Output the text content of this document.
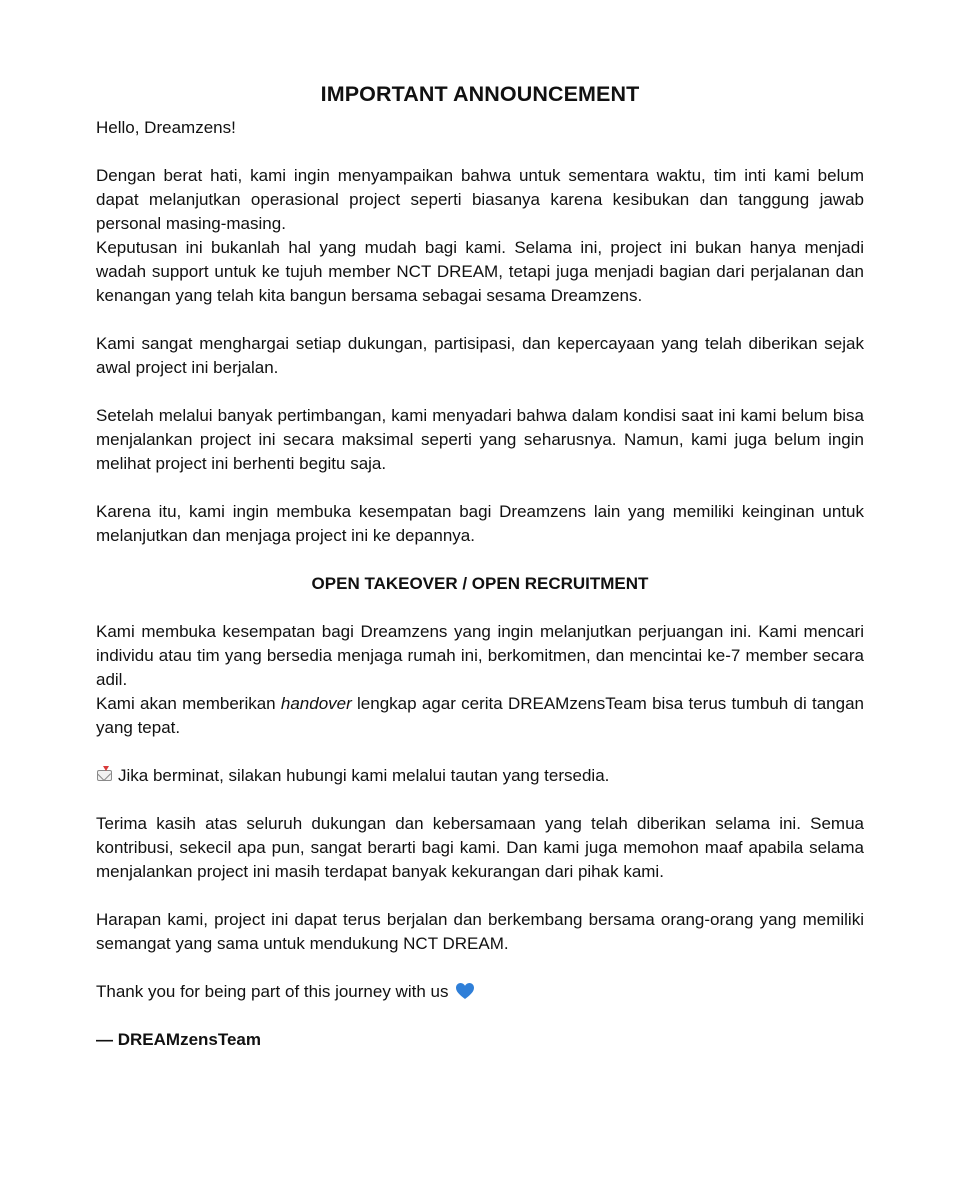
IMPORTANT ANNOUNCEMENT

Hello, Dreamzens!

Dengan berat hati, kami ingin menyampaikan bahwa untuk sementara waktu, tim inti kami belum dapat melanjutkan operasional project seperti biasanya karena kesibukan dan tanggung jawab personal masing-masing.

Keputusan ini bukanlah hal yang mudah bagi kami. Selama ini, project ini bukan hanya menjadi wadah support untuk ke tujuh member NCT DREAM, tetapi juga menjadi bagian dari perjalanan dan kenangan yang telah kita bangun bersama sebagai sesama Dreamzens.

Kami sangat menghargai setiap dukungan, partisipasi, dan kepercayaan yang telah diberikan sejak awal project ini berjalan.

Setelah melalui banyak pertimbangan, kami menyadari bahwa dalam kondisi saat ini kami belum bisa menjalankan project ini secara maksimal seperti yang seharusnya. Namun, kami juga belum ingin melihat project ini berhenti begitu saja.

Karena itu, kami ingin membuka kesempatan bagi Dreamzens lain yang memiliki keinginan untuk melanjutkan dan menjaga project ini ke depannya.

OPEN TAKEOVER / OPEN RECRUITMENT

Kami membuka kesempatan bagi Dreamzens yang ingin melanjutkan perjuangan ini. Kami mencari individu atau tim yang bersedia menjaga rumah ini, berkomitmen, dan mencintai ke-7 member secara adil.

Kami akan memberikan handover lengkap agar cerita DREAMzensTeam bisa terus tumbuh di tangan yang tepat.

Jika berminat, silakan hubungi kami melalui tautan yang tersedia.

Terima kasih atas seluruh dukungan dan kebersamaan yang telah diberikan selama ini. Semua kontribusi, sekecil apa pun, sangat berarti bagi kami. Dan kami juga memohon maaf apabila selama menjalankan project ini masih terdapat banyak kekurangan dari pihak kami.

Harapan kami, project ini dapat terus berjalan dan berkembang bersama orang-orang yang memiliki semangat yang sama untuk mendukung NCT DREAM.

Thank you for being part of this journey with us

— DREAMzensTeam
